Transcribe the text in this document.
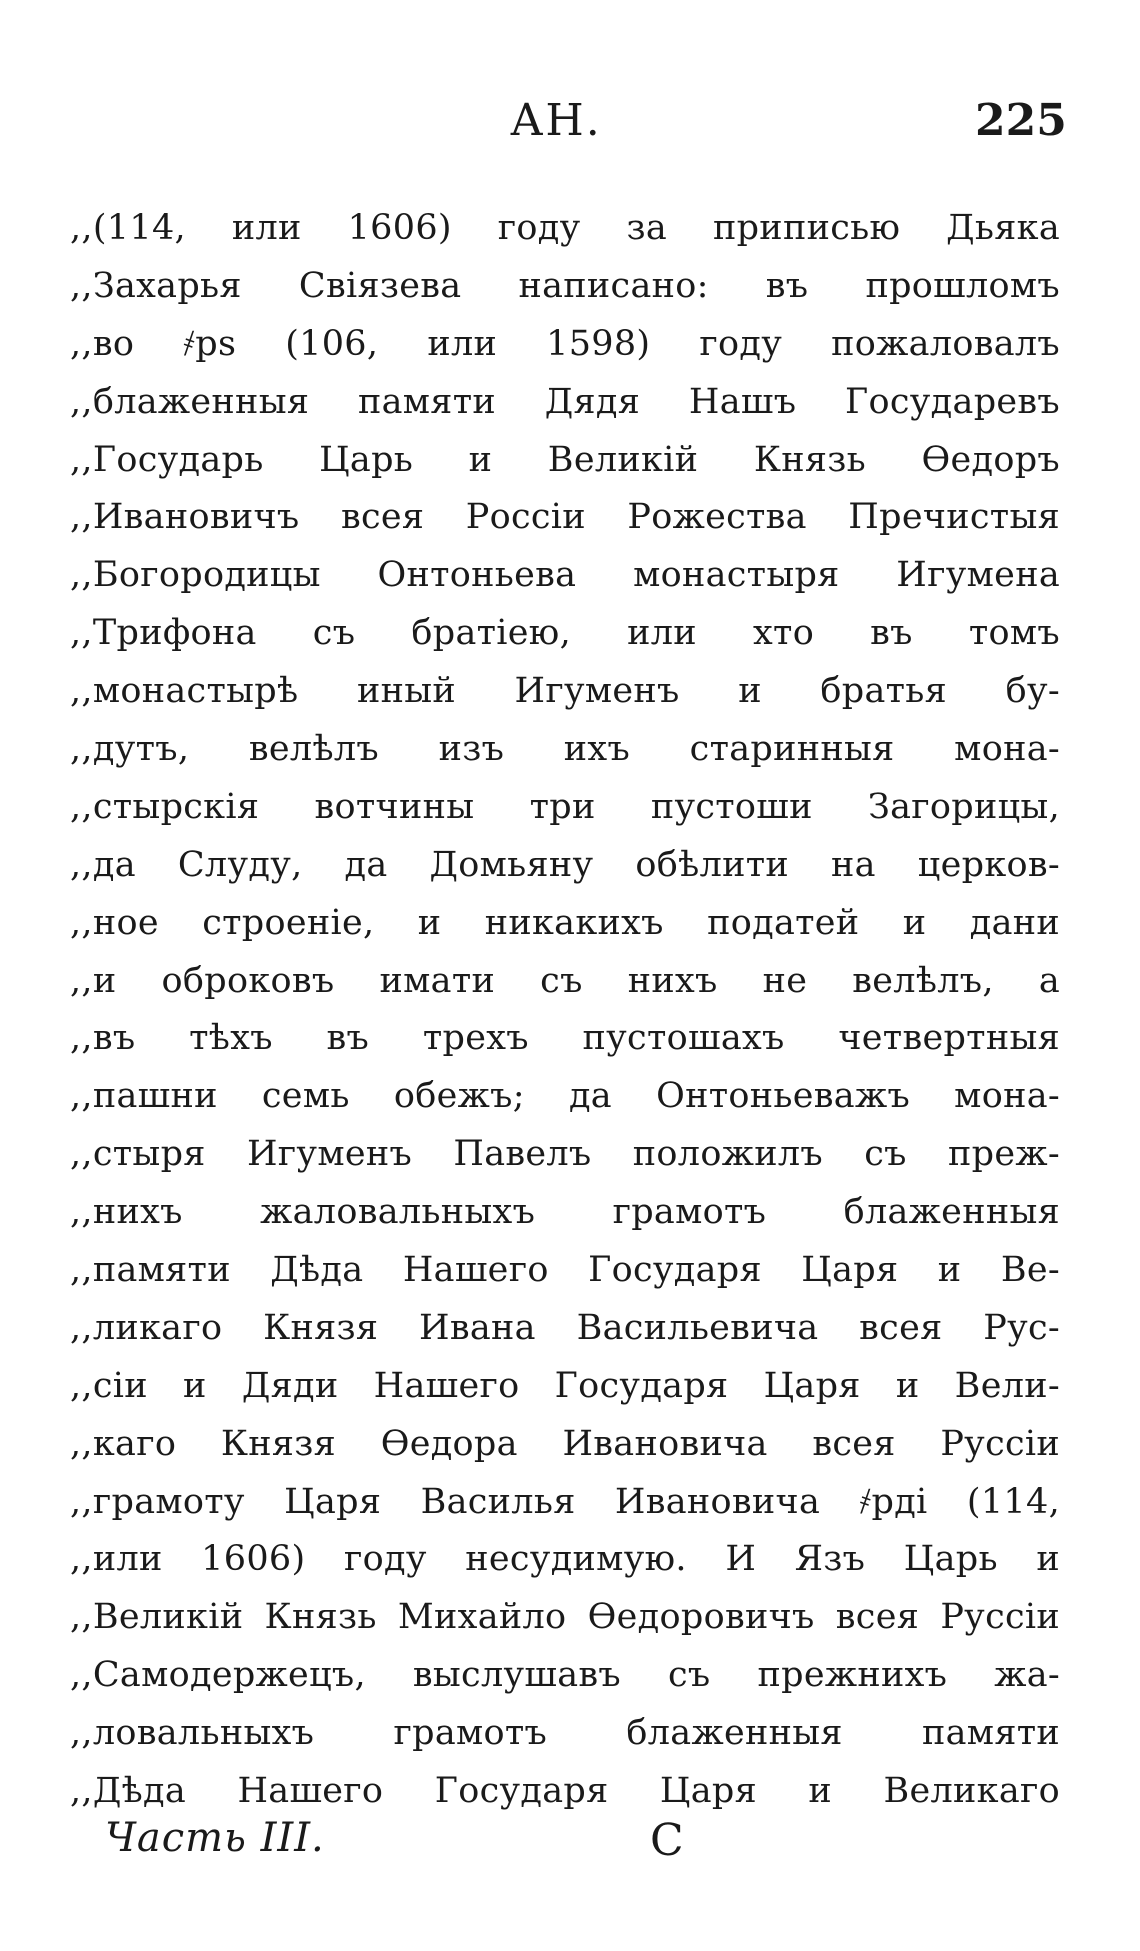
АН.	225
,,(114, или 1606) году за приписью Дьяка
,,Захарья Свіязева написано: въ прошломъ
,,во ҂рѕ (106, или 1598) году пожаловалъ
,,блаженныя памяти Дядя Нашъ Государевъ
,,Государь Царь и Великій Князь Өедоръ
,,Ивановичъ всея Россіи Рожества Пречистыя
,,Богородицы Онтоньева монастыря Игумена
,,Трифона съ братіею, или хто въ томъ
,,монастырѣ иный Игуменъ и братья бу-
,,дутъ, велѣлъ изъ ихъ старинныя мона-
,,стырскія вотчины три пустоши Загорицы,
,,да Слуду, да Домьяну обѣлити на церков-
,,ное строеніе, и никакихъ податей и дани
,,и оброковъ имати съ нихъ не велѣлъ, а
,,въ тѣхъ въ трехъ пустошахъ четвертныя
,,пашни семь обежъ; да Онтоньеважъ мона-
,,стыря Игуменъ Павелъ положилъ съ преж-
,,нихъ жаловальныхъ грамотъ блаженныя
,,памяти Дѣда Нашего Государя Царя и Ве-
,,ликаго Князя Ивана Васильевича всея Рус-
,,сіи и Дяди Нашего Государя Царя и Вели-
,,каго Князя Өедора Ивановича всея Руссіи
,,грамоту Царя Василья Ивановича ҂рді (114,
,,или 1606) году несудимую. И Язъ Царь и
,,Великій Князь Михайло Өедоровичъ всея Руссіи
,,Самодержецъ, выслушавъ съ прежнихъ жа-
,,ловальныхъ грамотъ блаженныя памяти
,,Дѣда Нашего Государя Царя и Великаго
Часть III.	С
